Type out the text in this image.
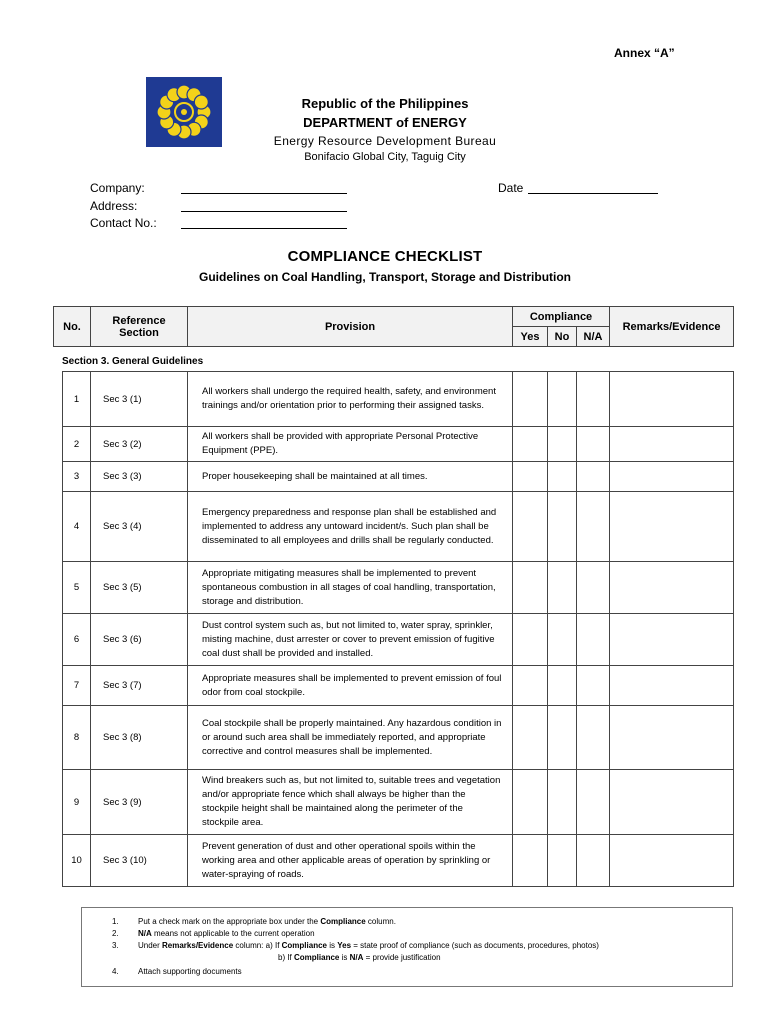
Annex “A”
Republic of the Philippines
DEPARTMENT of ENERGY
Energy Resource Development Bureau
Bonifacio Global City, Taguig City
Company:
Address:
Contact No.:
Date
COMPLIANCE CHECKLIST
Guidelines on Coal Handling, Transport, Storage and Distribution
No.	Reference Section	Provision	Compliance			Remarks/Evidence
			Yes	No	N/A	
Section 3. General Guidelines
1	Sec 3 (1)	All workers shall undergo the required health, safety, and environment trainings and/or orientation prior to performing their assigned tasks.				
2	Sec 3 (2)	All workers shall be provided with appropriate Personal Protective Equipment (PPE).				
3	Sec 3 (3)	Proper housekeeping shall be maintained at all times.				
4	Sec 3 (4)	Emergency preparedness and response plan shall be established and implemented to address any untoward incident/s. Such plan shall be disseminated to all employees and drills shall be regularly conducted.				
5	Sec 3 (5)	Appropriate mitigating measures shall be implemented to prevent spontaneous combustion in all stages of coal handling, transportation, storage and distribution.				
6	Sec 3 (6)	Dust control system such as, but not limited to, water spray, sprinkler, misting machine, dust arrester or cover to prevent emission of fugitive coal dust shall be provided and installed.				
7	Sec 3 (7)	Appropriate measures shall be implemented to prevent emission of foul odor from coal stockpile.				
8	Sec 3 (8)	Coal stockpile shall be properly maintained. Any hazardous condition in or around such area shall be immediately reported, and appropriate corrective and control measures shall be implemented.				
9	Sec 3 (9)	Wind breakers such as, but not limited to, suitable trees and vegetation and/or appropriate fence which shall always be higher than the stockpile height shall be maintained along the perimeter of the stockpile area.				
10	Sec 3 (10)	Prevent generation of dust and other operational spoils within the working area and other applicable areas of operation by sprinkling or water-spraying of roads.				
1. Put a check mark on the appropriate box under the Compliance column.
2. N/A means not applicable to the current operation
3. Under Remarks/Evidence column: a) If Compliance is Yes = state proof of compliance (such as documents, procedures, photos)
b) If Compliance is N/A = provide justification
4. Attach supporting documents
